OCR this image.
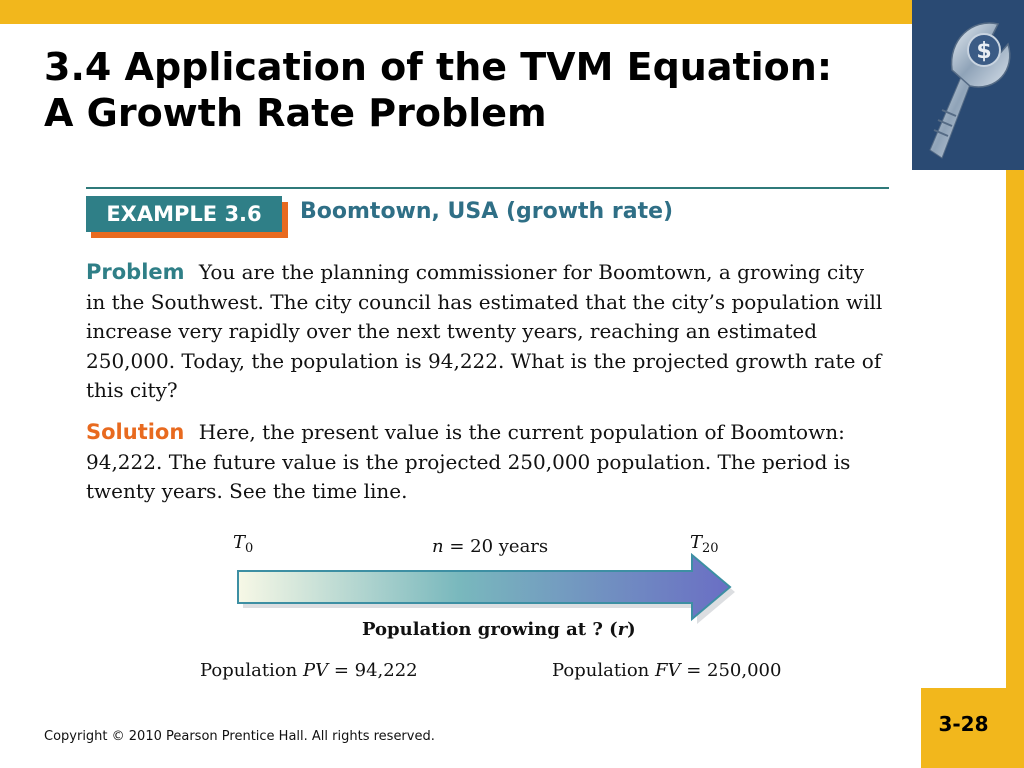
$
3-28
3.4 Application of the TVM Equation:
A Growth Rate Problem
EXAMPLE 3.6	Boomtown, USA (growth rate)

Problem You are the planning commissioner for Boomtown, a growing city in the Southwest. The city council has estimated that the city’s population will increase very rapidly over the next twenty years, reaching an estimated 250,000. Today, the population is 94,222. What is the projected growth rate of this city?

Solution Here, the present value is the current population of Boomtown: 94,222. The future value is the projected 250,000 population. The period is twenty years. See the time line.

$T_0$	n = 20 years	$T_{20}$
Population growing at ? (r)
Population PV = 94,222	Population FV = 250,000
Copyright © 2010 Pearson Prentice Hall. All rights reserved.
